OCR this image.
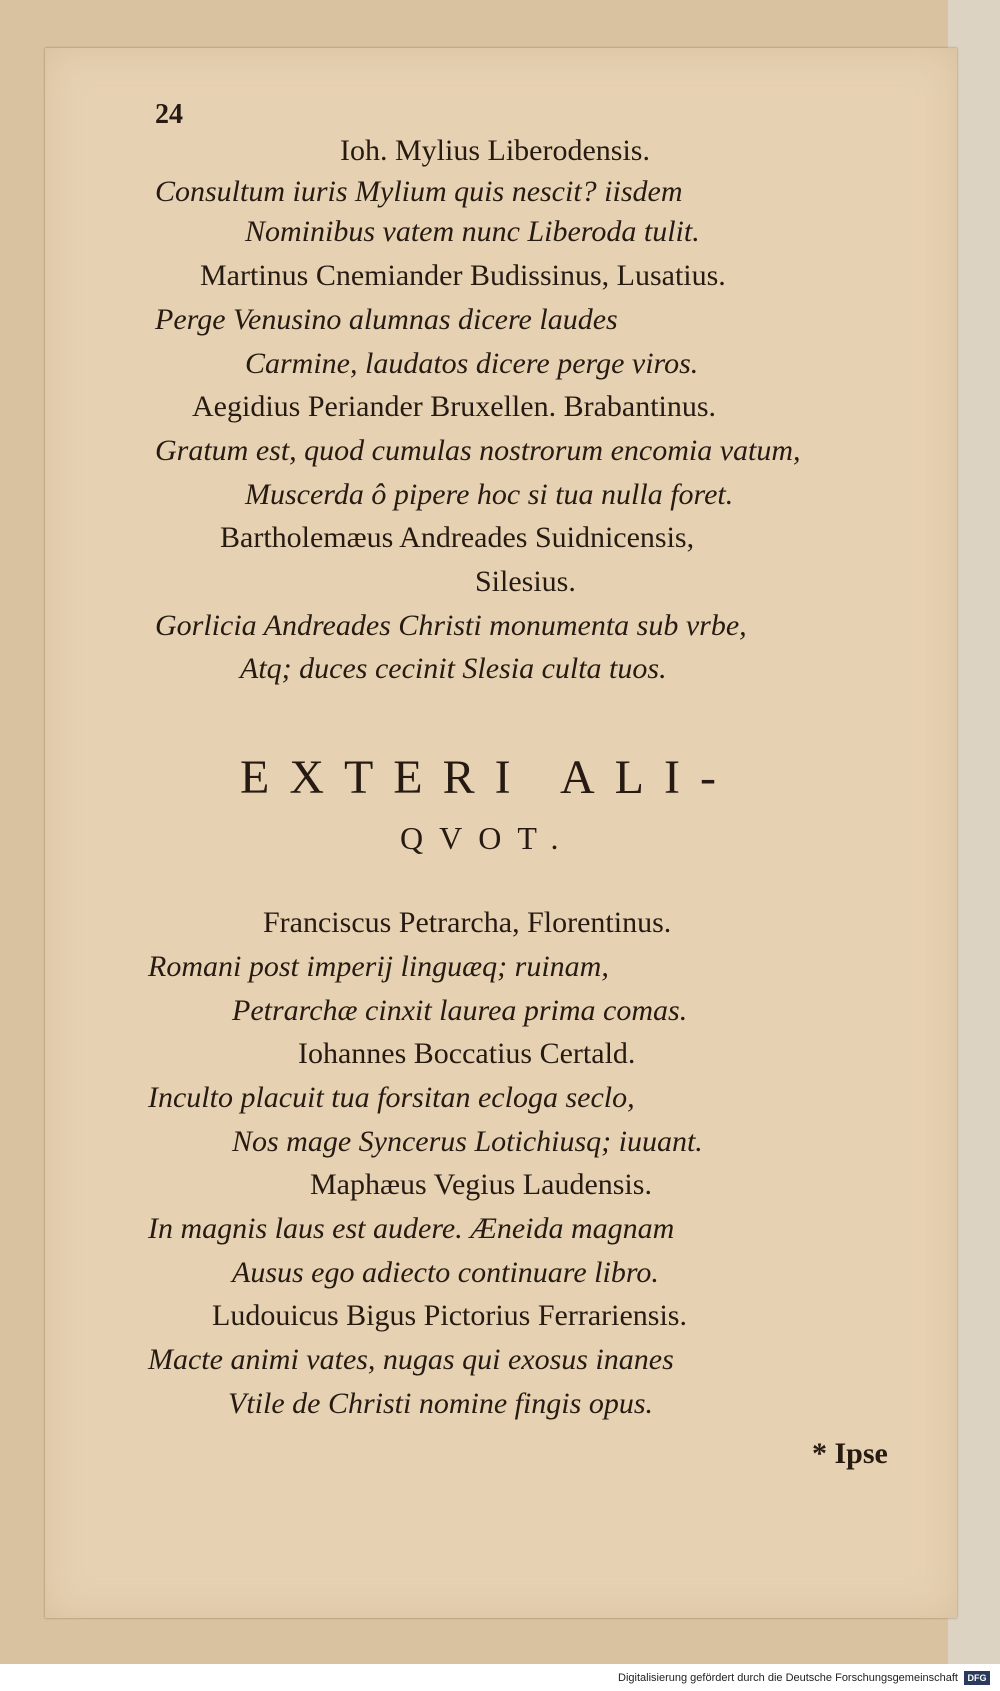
24
Ioh. Mylius Liberodensis.
Consultum iuris Mylium quis nescit? iisdem
Nominibus vatem nunc Liberoda tulit.
Martinus Cnemiander Budissinus, Lusatius.
Perge Venusino alumnas dicere laudes
Carmine, laudatos dicere perge viros.
Aegidius Periander Bruxellen. Brabantinus.
Gratum est, quod cumulas nostrorum encomia vatum,
Muscerda ô pipere hoc si tua nulla foret.
Bartholemæus Andreades Suidnicensis,
Silesius.
Gorlicia Andreades Christi monumenta sub vrbe,
Atq; duces cecinit Slesia culta tuos.
EXTERI ALI-
QVOT.
Franciscus Petrarcha, Florentinus.
Romani post imperij linguæq; ruinam,
Petrarchæ cinxit laurea prima comas.
Iohannes Boccatius Certald.
Inculto placuit tua forsitan ecloga seclo,
Nos mage Syncerus Lotichiusq; iuuant.
Maphæus Vegius Laudensis.
In magnis laus est audere. Æneida magnam
Ausus ego adiecto continuare libro.
Ludouicus Bigus Pictorius Ferrariensis.
Macte animi vates, nugas qui exosus inanes
Vtile de Christi nomine fingis opus.
* Ipse
Digitalisierung gefördert durch die Deutsche Forschungsgemeinschaft	DFG
